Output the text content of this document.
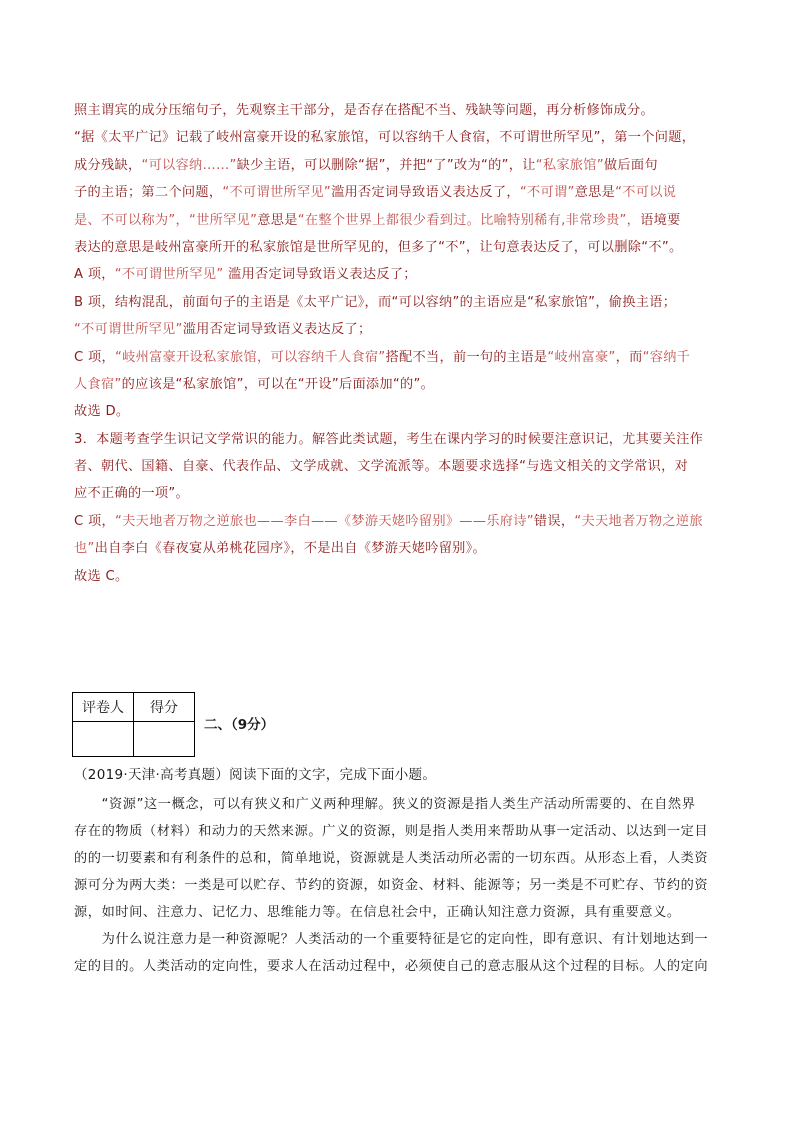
照主谓宾的成分压缩句子，先观察主干部分，是否存在搭配不当、残缺等问题，再分析修饰成分。
“据《太平广记》记载了岐州富豪开设的私家旅馆，可以容纳千人食宿，不可谓世所罕见”，第一个问题，
成分残缺，“可以容纳……”缺少主语，可以删除“据”，并把“了”改为“的”，让“私家旅馆”做后面句
子的主语；第二个问题，“不可谓世所罕见”滥用否定词导致语义表达反了，“不可谓”意思是“不可以说
是、不可以称为”，“世所罕见”意思是“在整个世界上都很少看到过。比喻特别稀有,非常珍贵”，语境要
表达的意思是岐州富豪所开的私家旅馆是世所罕见的，但多了“不”，让句意表达反了，可以删除“不”。
A 项，“不可谓世所罕见” 滥用否定词导致语义表达反了；
B 项，结构混乱，前面句子的主语是《太平广记》，而“可以容纳”的主语应是“私家旅馆”，偷换主语；
“不可谓世所罕见”滥用否定词导致语义表达反了；
C 项，“岐州富豪开设私家旅馆，可以容纳千人食宿”搭配不当，前一句的主语是“岐州富豪”，而“容纳千
人食宿”的应该是“私家旅馆”，可以在“开设”后面添加“的”。
故选 D。
3．本题考查学生识记文学常识的能力。解答此类试题，考生在课内学习的时候要注意识记，尤其要关注作
者、朝代、国籍、自豪、代表作品、文学成就、文学流派等。本题要求选择“与选文相关的文学常识，对
应不正确的一项”。
C 项，“夫天地者万物之逆旅也——李白——《梦游天姥吟留别》——乐府诗”错误，“夫天地者万物之逆旅
也”出自李白《春夜宴从弟桃花园序》，不是出自《梦游天姥吟留别》。
故选 C。
评卷人	得分

二、（9分）
（2019·天津·高考真题）阅读下面的文字，完成下面小题。
　　“资源”这一概念，可以有狭义和广义两种理解。狭义的资源是指人类生产活动所需要的、在自然界
存在的物质（材料）和动力的天然来源。广义的资源，则是指人类用来帮助从事一定活动、以达到一定目
的的一切要素和有利条件的总和，简单地说，资源就是人类活动所必需的一切东西。从形态上看，人类资
源可分为两大类：一类是可以贮存、节约的资源，如资金、材料、能源等；另一类是不可贮存、节约的资
源，如时间、注意力、记忆力、思维能力等。在信息社会中，正确认知注意力资源，具有重要意义。
　　为什么说注意力是一种资源呢？人类活动的一个重要特征是它的定向性，即有意识、有计划地达到一
定的目的。人类活动的定向性，要求人在活动过程中，必须使自己的意志服从这个过程的目标。人的定向
